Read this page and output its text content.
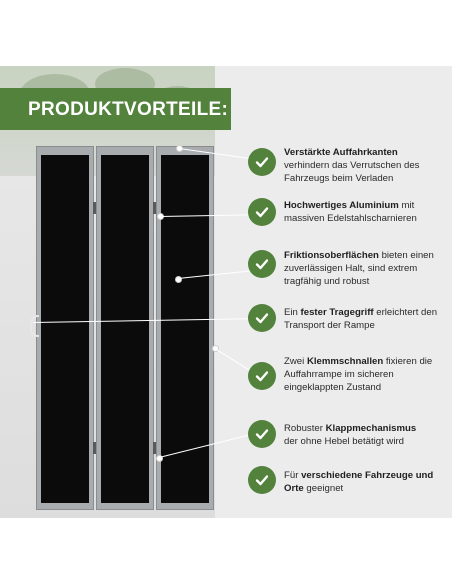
PRODUKTVORTEILE:
Verstärkte Auffahrkanten
verhindern das Verrutschen des Fahrzeugs beim Verladen
Hochwertiges Aluminium mit massiven Edelstahlscharnieren
Friktionsoberflächen bieten einen zuverlässigen Halt, sind extrem tragfähig und robust
Ein fester Tragegriff erleichtert den Transport der Rampe
Zwei Klemmschnallen fixieren die Auffahrrampe im sicheren eingeklappten Zustand
Robuster Klappmechanismus
der ohne Hebel betätigt wird
Für verschiedene Fahrzeuge und Orte geeignet
